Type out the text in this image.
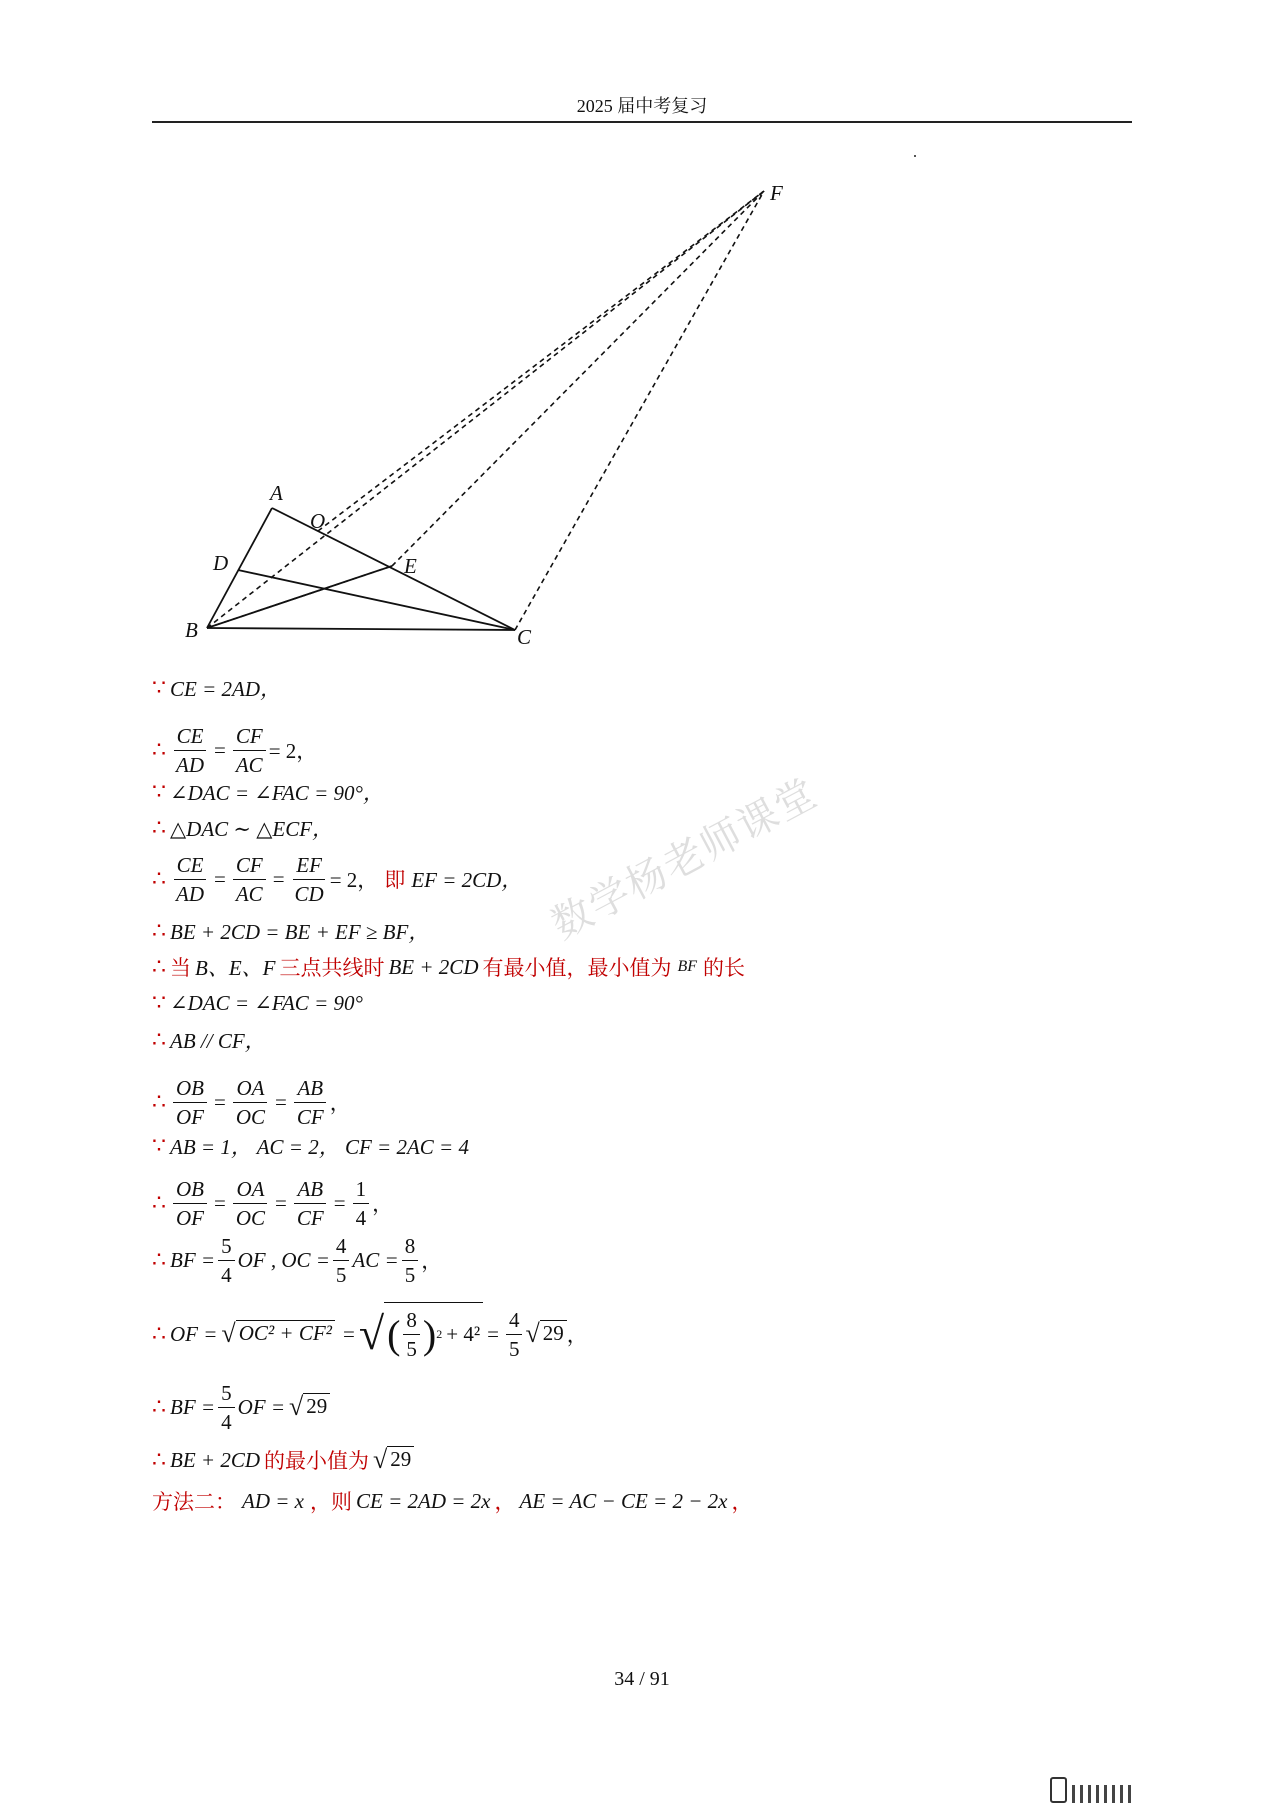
2025 届中考复习
A
O
D	E
B	C
F
∵ CE = 2AD，
∴ $\frac{CE}{AD} = \frac{CF}{AC} = 2$，
∵ ∠DAC = ∠FAC = 90°，
∴ △DAC ∼ △ECF，
∴ $\frac{CE}{AD} = \frac{CF}{AC} = \frac{EF}{CD} = 2$， 即 EF = 2CD，
∴ BE + 2CD = BE + EF ≥ BF，
∴ 当 B、E、F 三点共线时 BE + 2CD 有最小值，最小值为 BF 的长
∵ ∠DAC = ∠FAC = 90°
∴ AB // CF，
∴ $\frac{OB}{OF} = \frac{OA}{OC} = \frac{AB}{CF}$ ，
∵ AB = 1， AC = 2， CF = 2AC = 4
∴ $\frac{OB}{OF} = \frac{OA}{OC} = \frac{AB}{CF} = \frac{1}{4}$ ，
∴ BF = $\frac{5}{4}$ OF , OC = $\frac{4}{5}$ AC = $\frac{8}{5}$ ，
∴ OF = √ OC² + CF² = √ ( 8
5 ) $2 + 4^2 = \frac{4}{5}$ √ 29 ，
∴ BF = $\frac{5}{4}$ OF = √ 29
∴ BE + 2CD 的最小值为 √ 29
方法二： AD = x ，则 CE = 2AD = 2x ， AE = AC − CE = 2 − 2x ，
数学杨老师课堂
34 / 91
